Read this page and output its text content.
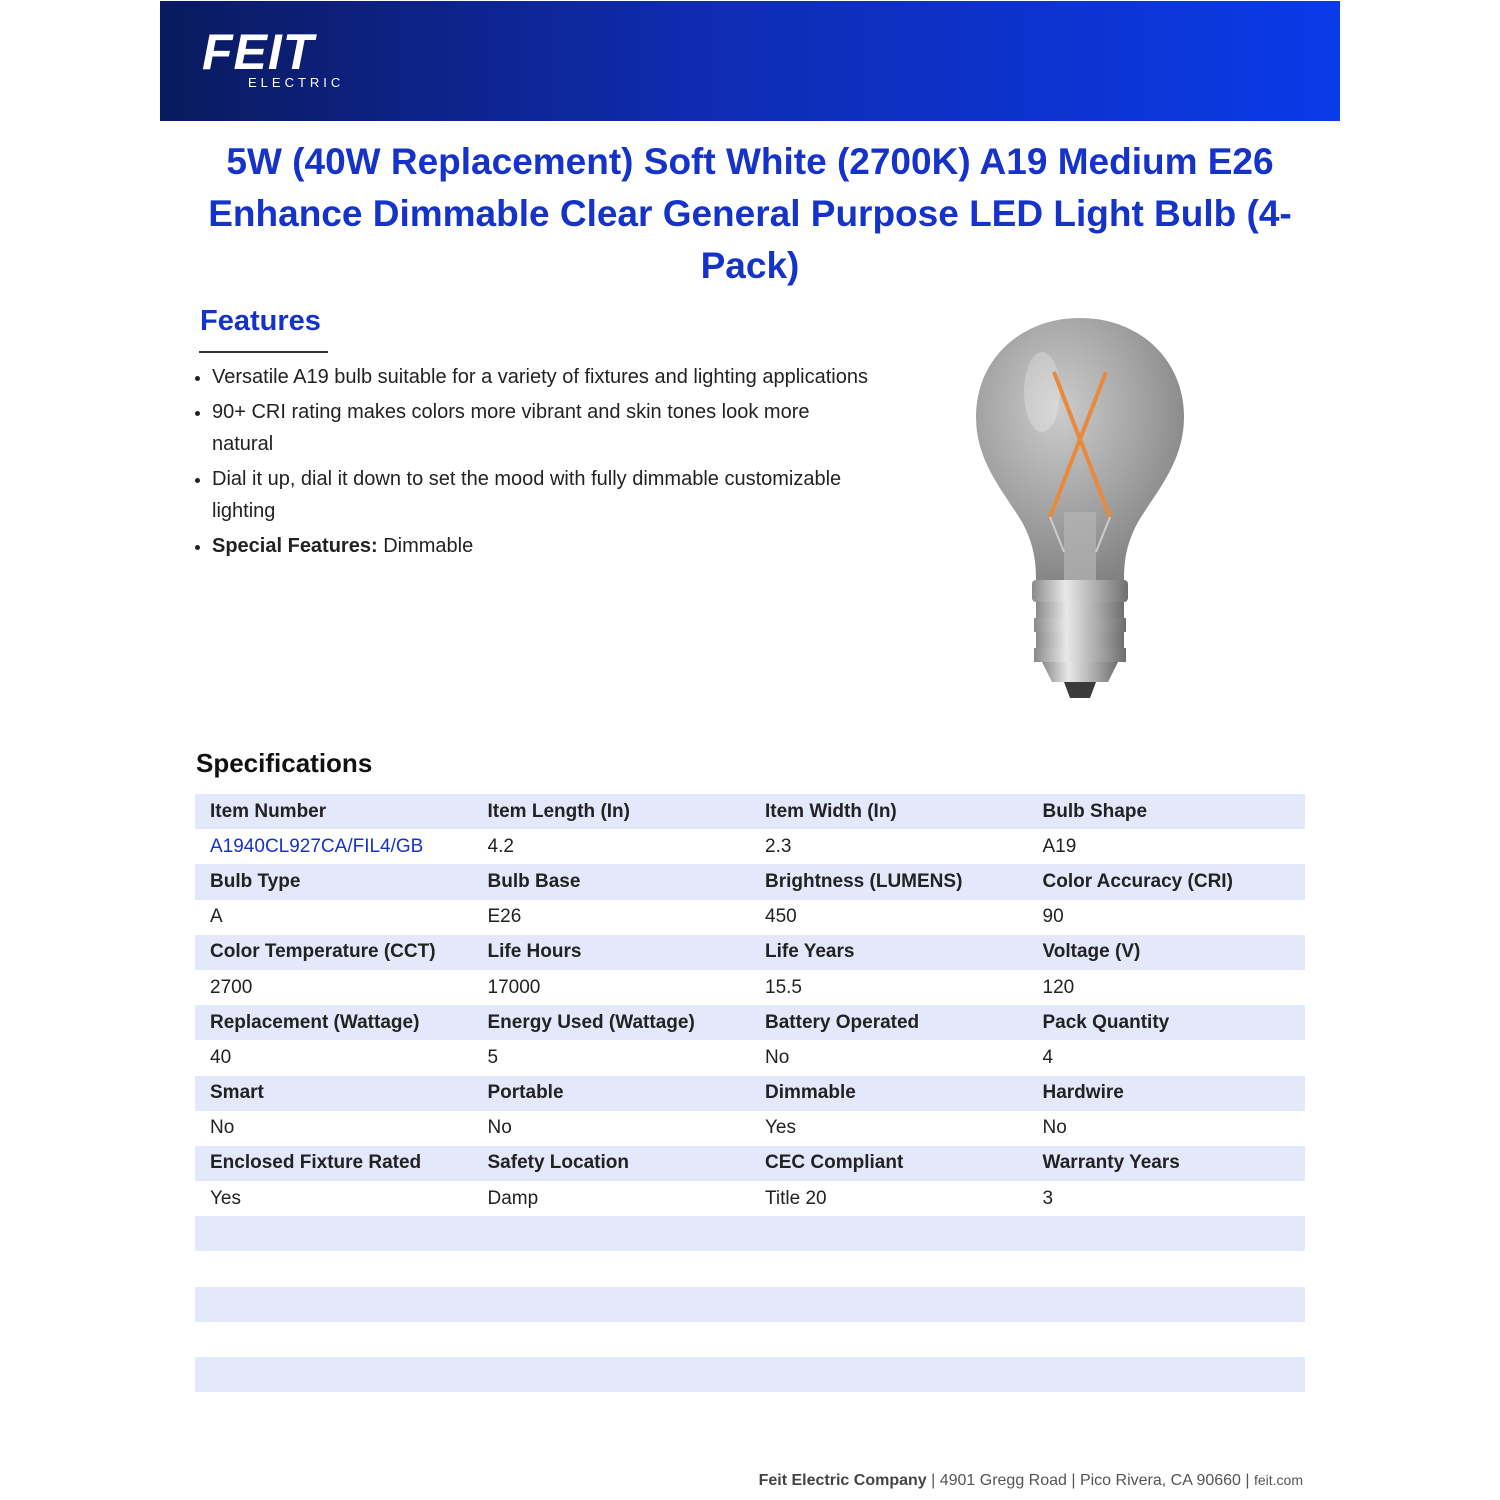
FEIT
ELECTRIC
5W (40W Replacement) Soft White (2700K) A19 Medium E26 Enhance Dimmable Clear General Purpose LED Light Bulb (4-Pack)
Features
Versatile A19 bulb suitable for a variety of fixtures and lighting applications
90+ CRI rating makes colors more vibrant and skin tones look more natural
Dial it up, dial it down to set the mood with fully dimmable customizable lighting
Special Features: Dimmable
Specifications
Item Number	Item Length (In)	Item Width (In)	Bulb Shape
A1940CL927CA/FIL4/GB	4.2	2.3	A19
Bulb Type	Bulb Base	Brightness (LUMENS)	Color Accuracy (CRI)
A	E26	450	90
Color Temperature (CCT)	Life Hours	Life Years	Voltage (V)
2700	17000	15.5	120
Replacement (Wattage)	Energy Used (Wattage)	Battery Operated	Pack Quantity
40	5	No	4
Smart	Portable	Dimmable	Hardwire
No	No	Yes	No
Enclosed Fixture Rated	Safety Location	CEC Compliant	Warranty Years
Yes	Damp	Title 20	3
Feit Electric Company | 4901 Gregg Road | Pico Rivera, CA 90660 | feit.com
